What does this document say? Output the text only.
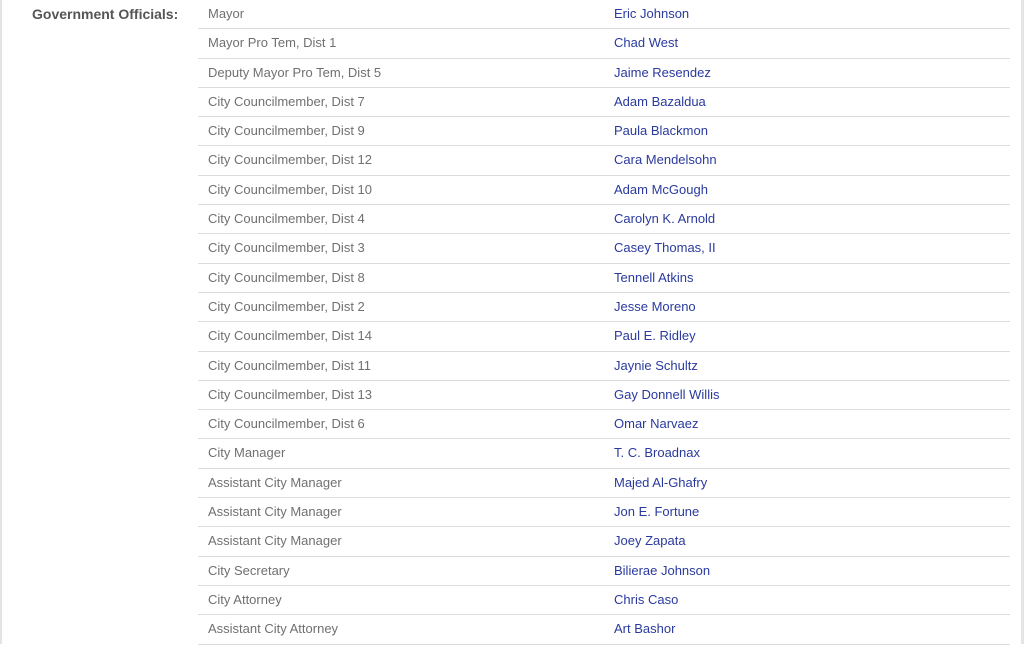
Government Officials: Mayor	Eric Johnson
Mayor Pro Tem, Dist 1	Chad West
Deputy Mayor Pro Tem, Dist 5	Jaime Resendez
City Councilmember, Dist 7	Adam Bazaldua
City Councilmember, Dist 9	Paula Blackmon
City Councilmember, Dist 12	Cara Mendelsohn
City Councilmember, Dist 10	Adam McGough
City Councilmember, Dist 4	Carolyn K. Arnold
City Councilmember, Dist 3	Casey Thomas, II
City Councilmember, Dist 8	Tennell Atkins
City Councilmember, Dist 2	Jesse Moreno
City Councilmember, Dist 14	Paul E. Ridley
City Councilmember, Dist 11	Jaynie Schultz
City Councilmember, Dist 13	Gay Donnell Willis
City Councilmember, Dist 6	Omar Narvaez
City Manager	T. C. Broadnax
Assistant City Manager	Majed Al-Ghafry
Assistant City Manager	Jon E. Fortune
Assistant City Manager	Joey Zapata
City Secretary	Bilierae Johnson
City Attorney	Chris Caso
Assistant City Attorney	Art Bashor
